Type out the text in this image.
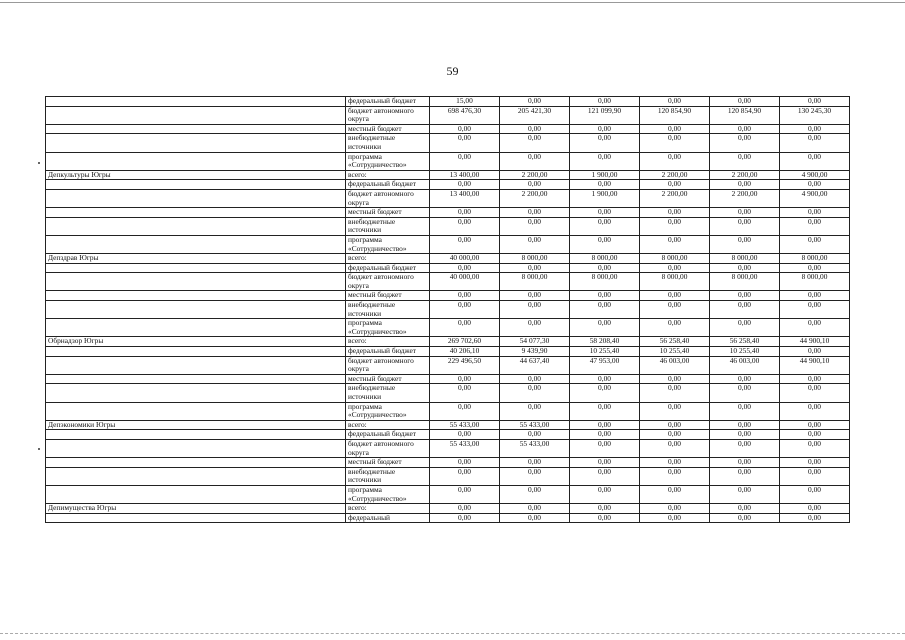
59
	федеральный бюджет	15,00	0,00	0,00	0,00	0,00	0,00
	бюджет автономного округа	698 476,30	205 421,30	121 099,90	120 854,90	120 854,90	130 245,30
	местный бюджет	0,00	0,00	0,00	0,00	0,00	0,00
	внебюджетные источники	0,00	0,00	0,00	0,00	0,00	0,00
	программа «Сотрудничество»	0,00	0,00	0,00	0,00	0,00	0,00
Депкультуры Югры	всего:	13 400,00	2 200,00	1 900,00	2 200,00	2 200,00	4 900,00
	федеральный бюджет	0,00	0,00	0,00	0,00	0,00	0,00
	бюджет автономного округа	13 400,00	2 200,00	1 900,00	2 200,00	2 200,00	4 900,00
	местный бюджет	0,00	0,00	0,00	0,00	0,00	0,00
	внебюджетные источники	0,00	0,00	0,00	0,00	0,00	0,00
	программа «Сотрудничество»	0,00	0,00	0,00	0,00	0,00	0,00
Депздрав Югры	всего:	40 000,00	8 000,00	8 000,00	8 000,00	8 000,00	8 000,00
	федеральный бюджет	0,00	0,00	0,00	0,00	0,00	0,00
	бюджет автономного округа	40 000,00	8 000,00	8 000,00	8 000,00	8 000,00	8 000,00
	местный бюджет	0,00	0,00	0,00	0,00	0,00	0,00
	внебюджетные источники	0,00	0,00	0,00	0,00	0,00	0,00
	программа «Сотрудничество»	0,00	0,00	0,00	0,00	0,00	0,00
Обрнадзор Югры	всего:	269 702,60	54 077,30	58 208,40	56 258,40	56 258,40	44 900,10
	федеральный бюджет	40 206,10	9 439,90	10 255,40	10 255,40	10 255,40	0,00
	бюджет автономного округа	229 496,50	44 637,40	47 953,00	46 003,00	46 003,00	44 900,10
	местный бюджет	0,00	0,00	0,00	0,00	0,00	0,00
	внебюджетные источники	0,00	0,00	0,00	0,00	0,00	0,00
	программа «Сотрудничество»	0,00	0,00	0,00	0,00	0,00	0,00
Депэкономики Югры	всего:	55 433,00	55 433,00	0,00	0,00	0,00	0,00
	федеральный бюджет	0,00	0,00	0,00	0,00	0,00	0,00
	бюджет автономного округа	55 433,00	55 433,00	0,00	0,00	0,00	0,00
	местный бюджет	0,00	0,00	0,00	0,00	0,00	0,00
	внебюджетные источники	0,00	0,00	0,00	0,00	0,00	0,00
	программа «Сотрудничество»	0,00	0,00	0,00	0,00	0,00	0,00
Депимущества Югры	всего:	0,00	0,00	0,00	0,00	0,00	0,00
	федеральный	0,00	0,00	0,00	0,00	0,00	0,00
